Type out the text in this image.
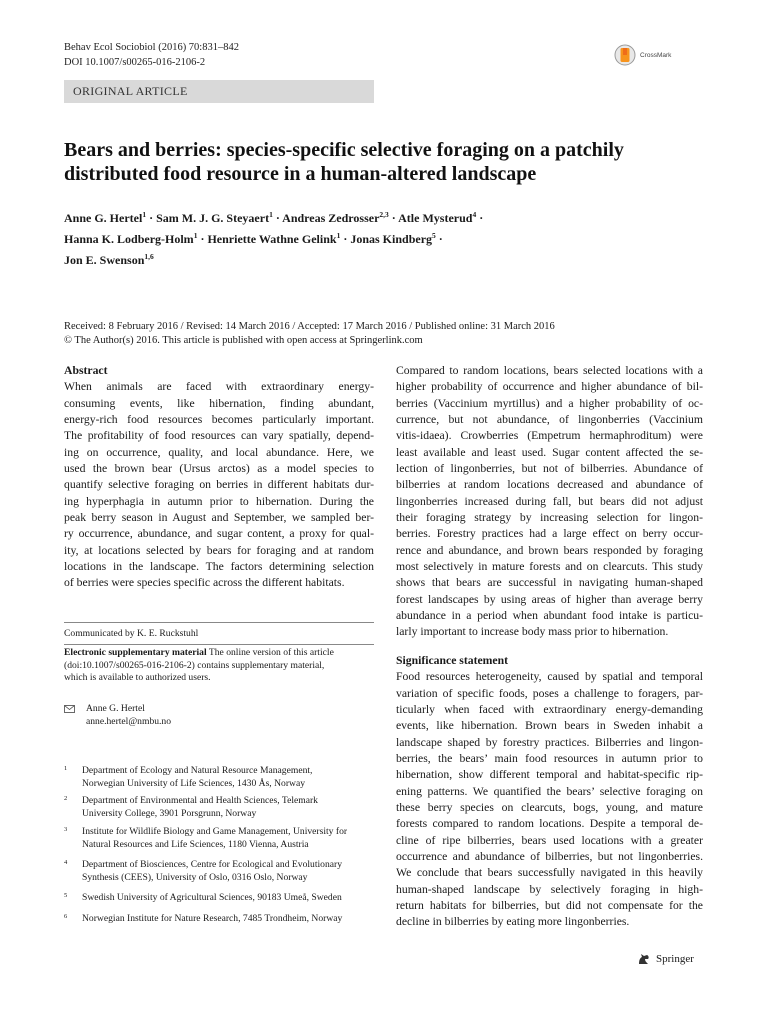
Behav Ecol Sociobiol (2016) 70:831–842
DOI 10.1007/s00265-016-2106-2
CrossMark
ORIGINAL ARTICLE
Bears and berries: species-specific selective foraging on a patchily
distributed food resource in a human-altered landscape
Anne G. Hertel$^1$ · Sam M. J. G. Steyaert$^1$ · Andreas Zedrosser$^{2,3}$ · Atle Mysterud$^4$ ·
Hanna K. Lodberg-Holm$^1$ · Henriette Wathne Gelink$^1$ · Jonas Kindberg$^5$ ·
Jon E. Swenson$^{1,6}$
Received: 8 February 2016 / Revised: 14 March 2016 / Accepted: 17 March 2016 / Published online: 31 March 2016
© The Author(s) 2016. This article is published with open access at Springerlink.com

Abstract

When animals are faced with extraordinary energy-
consuming events, like hibernation, finding abundant,
energy-rich food resources becomes particularly important.
The profitability of food resources can vary spatially, depend-
ing on occurrence, quality, and local abundance. Here, we
used the brown bear (Ursus arctos) as a model species to
quantify selective foraging on berries in different habitats dur-
ing hyperphagia in autumn prior to hibernation. During the
peak berry season in August and September, we sampled ber-
ry occurrence, abundance, and sugar content, a proxy for qual-
ity, at locations selected by bears for foraging and at random
locations in the landscape. The factors determining selection
of berries were species specific across the different habitats.
Communicated by K. E. Ruckstuhl
Electronic supplementary material The online version of this article
(doi:10.1007/s00265-016-2106-2) contains supplementary material,
which is available to authorized users.
Anne G. Hertel
anne.hertel@nmbu.no
1 Department of Ecology and Natural Resource Management,
Norwegian University of Life Sciences, 1430 Ås, Norway
2 Department of Environmental and Health Sciences, Telemark
University College, 3901 Porsgrunn, Norway
3 Institute for Wildlife Biology and Game Management, University for
Natural Resources and Life Sciences, 1180 Vienna, Austria
4 Department of Biosciences, Centre for Ecological and Evolutionary
Synthesis (CEES), University of Oslo, 0316 Oslo, Norway
5 Swedish University of Agricultural Sciences, 90183 Umeå, Sweden
6 Norwegian Institute for Nature Research, 7485 Trondheim, Norway
Compared to random locations, bears selected locations with a
higher probability of occurrence and higher abundance of bil-
berries (Vaccinium myrtillus) and a higher probability of oc-
currence, but not abundance, of lingonberries (Vaccinium
vitis-idaea). Crowberries (Empetrum hermaphroditum) were
least available and least used. Sugar content affected the se-
lection of lingonberries, but not of bilberries. Abundance of
bilberries at random locations decreased and abundance of
lingonberries increased during fall, but bears did not adjust
their foraging strategy by increasing selection for lingon-
berries. Forestry practices had a large effect on berry occur-
rence and abundance, and brown bears responded by foraging
most selectively in mature forests and on clearcuts. This study
shows that bears are successful in navigating human-shaped
forest landscapes by using areas of higher than average berry
abundance in a period when abundant food intake is particu-
larly important to increase body mass prior to hibernation.

Significance statement

Food resources heterogeneity, caused by spatial and temporal
variation of specific foods, poses a challenge to foragers, par-
ticularly when faced with extraordinary energy-demanding
events, like hibernation. Brown bears in Sweden inhabit a
landscape shaped by forestry practices. Bilberries and lingon-
berries, the bears’ main food resources in autumn prior to
hibernation, show different temporal and habitat-specific rip-
ening patterns. We quantified the bears’ selective foraging on
these berry species on clearcuts, bogs, young, and mature
forests compared to random locations. Despite a temporal de-
cline of ripe bilberries, bears used locations with a greater
occurrence and abundance of bilberries, but not lingonberries.
We conclude that bears successfully navigated in this heavily
human-shaped landscape by selectively foraging in high-
return habitats for bilberries, but did not compensate for the
decline in bilberries by eating more lingonberries.
Springer
